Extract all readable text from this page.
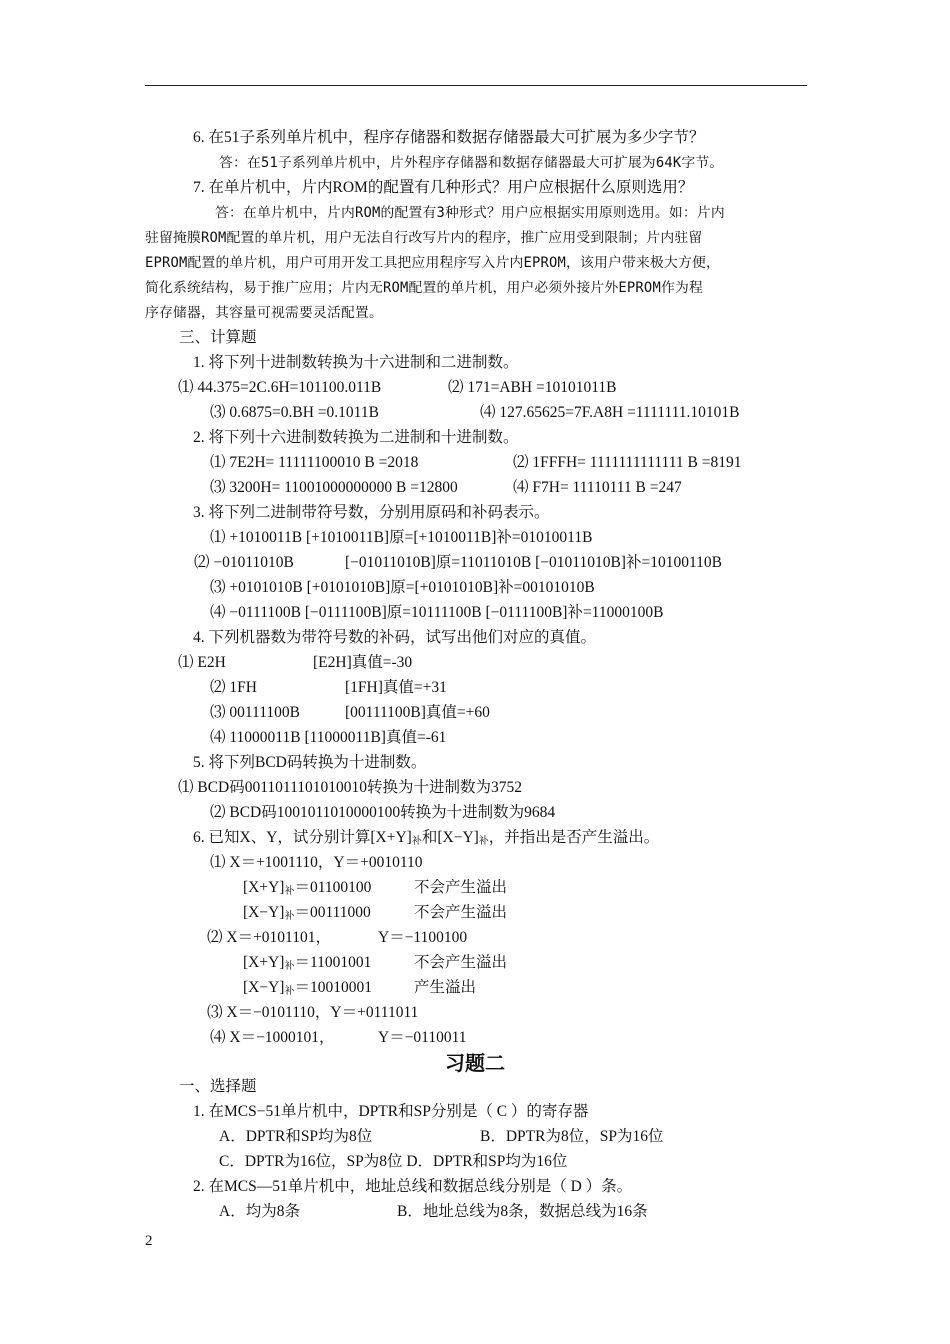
6. 在51子系列单片机中，程序存储器和数据存储器最大可扩展为多少字节？
答：在51子系列单片机中，片外程序存储器和数据存储器最大可扩展为64K字节。
7. 在单片机中，片内ROM的配置有几种形式？用户应根据什么原则选用？
答：在单片机中，片内ROM的配置有3种形式？用户应根据实用原则选用。如：片内
驻留掩膜ROM配置的单片机，用户无法自行改写片内的程序，推广应用受到限制；片内驻留
EPROM配置的单片机，用户可用开发工具把应用程序写入片内EPROM，该用户带来极大方便，
简化系统结构，易于推广应用；片内无ROM配置的单片机，用户必须外接片外EPROM作为程
序存储器，其容量可视需要灵活配置。
三、计算题
1. 将下列十进制数转换为十六进制和二进制数。
⑴ 44.375=2C.6H=101100.011B	⑵ 171=ABH =10101011B
⑶ 0.6875=0.BH =0.1011B	⑷ 127.65625=7F.A8H =1111111.10101B
2. 将下列十六进制数转换为二进制和十进制数。
⑴ 7E2H= 11111100010 B =2018	⑵ 1FFFH= 1111111111111 B =8191
⑶ 3200H= 11001000000000 B =12800	⑷ F7H= 11110111 B =247
3. 将下列二进制带符号数，分别用原码和补码表示。
⑴ +1010011B [+1010011B]原=[+1010011B]补=01010011B
⑵ −01011010B	[−01011010B]原=11011010B [−01011010B]补=10100110B
⑶ +0101010B [+0101010B]原=[+0101010B]补=00101010B
⑷ −0111100B [−0111100B]原=10111100B [−0111100B]补=11000100B
4. 下列机器数为带符号数的补码，试写出他们对应的真值。
⑴ E2H	[E2H]真值=-30
⑵ 1FH	[1FH]真值=+31
⑶ 00111100B	[00111100B]真值=+60
⑷ 11000011B [11000011B]真值=-61
5. 将下列BCD码转换为十进制数。
⑴ BCD码0011011101010010转换为十进制数为3752
⑵ BCD码1001011010000100转换为十进制数为9684
6. 已知X、Y，试分别计算$[X+Y]_补$和$[X-Y]_补$，并指出是否产生溢出。
⑴ X＝+1001110，Y＝+0010110
$[X+Y]_补=01100100$	不会产生溢出
$[X-Y]_补=00111000$	不会产生溢出
⑵ X＝+0101101，	Y＝−1100100
$[X+Y]_补=11001001$	不会产生溢出
$[X-Y]_补=10010001$	产生溢出
⑶ X＝−0101110，Y＝+0111011
⑷ X＝−1000101，	Y＝−0110011
习题二
一、选择题
1. 在MCS−51单片机中，DPTR和SP分别是（ C ）的寄存器
A．DPTR和SP均为8位	B．DPTR为8位，SP为16位
C．DPTR为16位，SP为8位 D．DPTR和SP均为16位
2. 在MCS—51单片机中，地址总线和数据总线分别是（ D ）条。
A．均为8条	B．地址总线为8条，数据总线为16条
2
